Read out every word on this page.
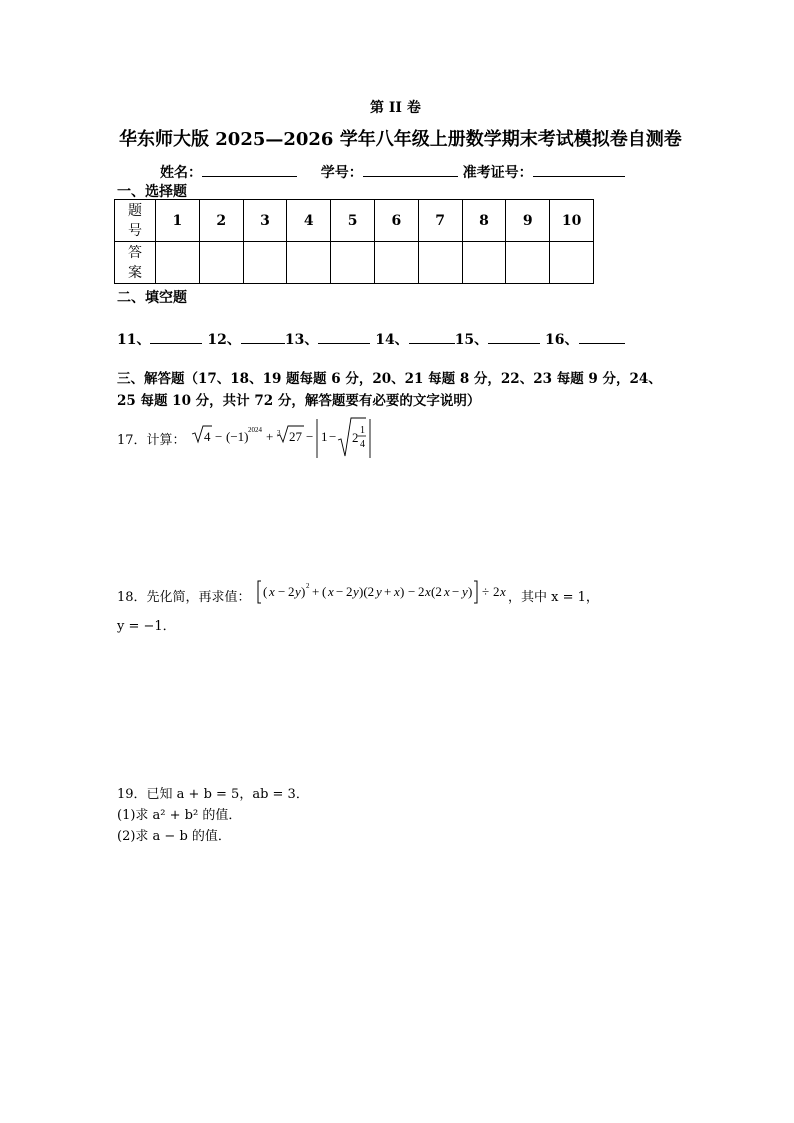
第 II 卷
华东师大版 2025—2026 学年八年级上册数学期末考试模拟卷自测卷
姓名：	学号：	准考证号：
一、选择题
题
号	1	2	3	4	5	6	7	8	9	10
答
案										
二、填空题
11、	12、	13、	14、	15、	16、
三、解答题（17、18、19 题每题 6 分，20、21 每题 8 分，22、23 每题 9 分，24、
25 每题 10 分，共计 72 分，解答题要有必要的文字说明）
17．计算： 4 − (−1) 2024 + 3 27 − 1 − 2 1
4
18．先化简，再求值： ( x − 2 y ) 2 + ( x − 2 y )(2 y + x ) − 2 x (2 x − y ) ÷ 2 x ，其中 x = 1，
y = −1．
19．已知 a + b = 5，ab = 3．
(1)求 a² + b² 的值．
(2)求 a − b 的值．
